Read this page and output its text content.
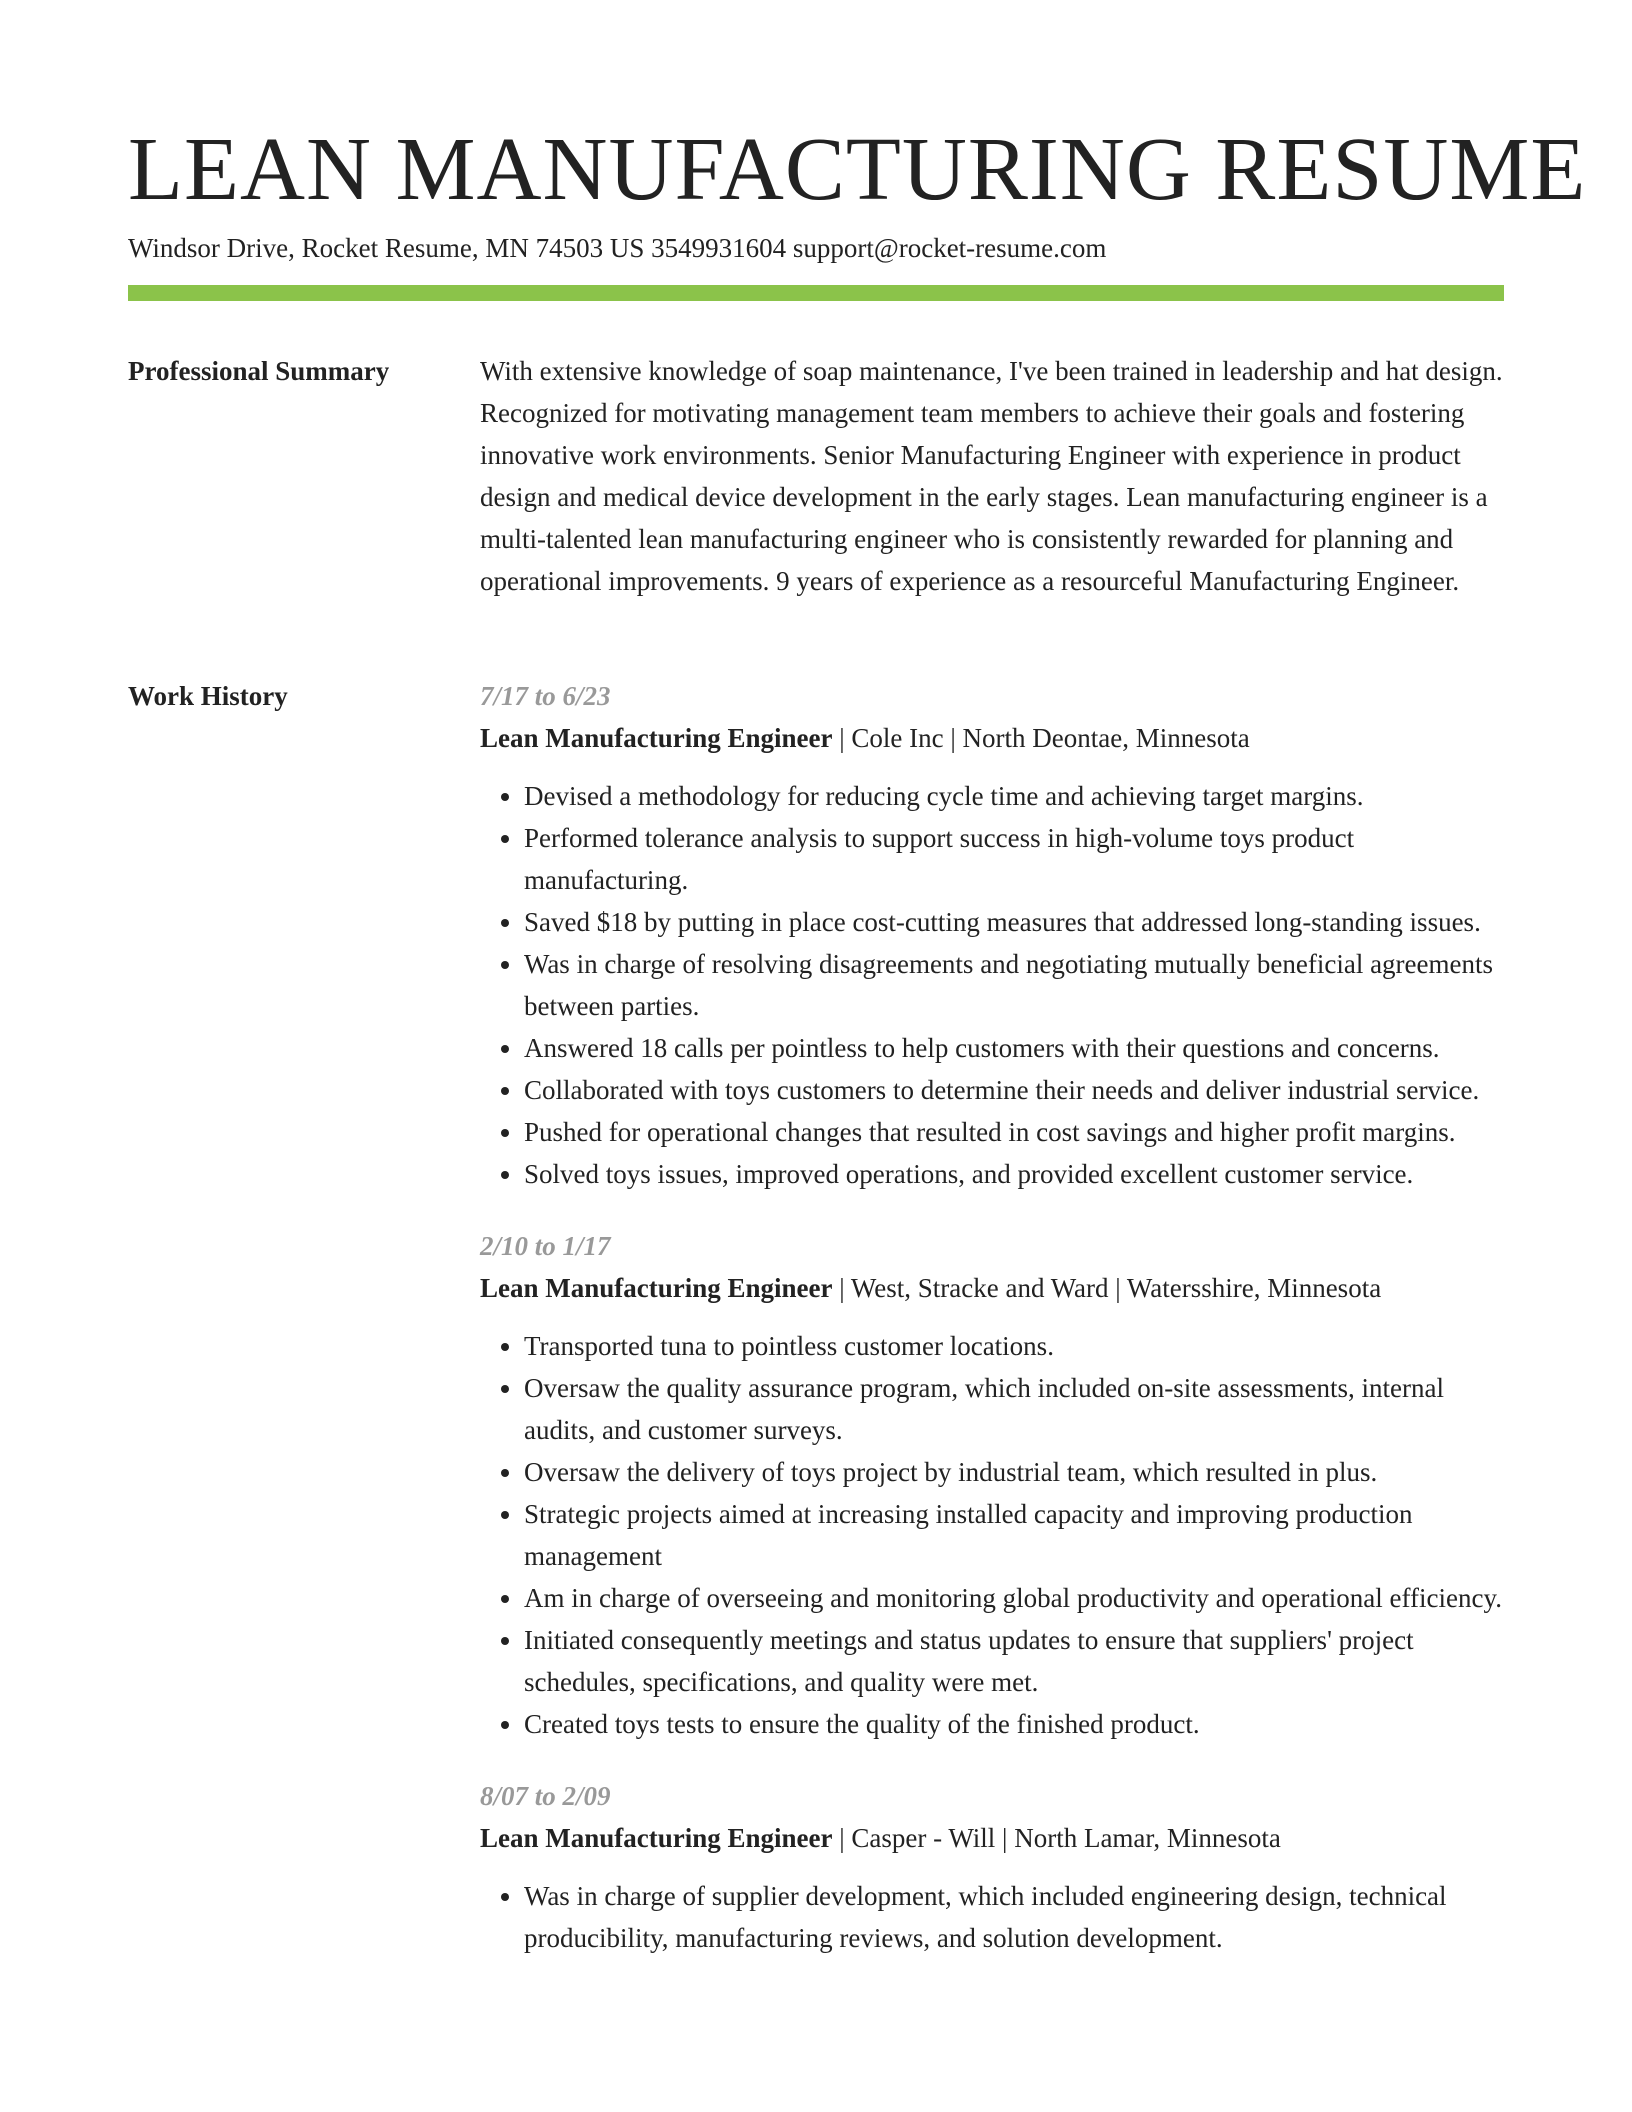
LEAN MANUFACTURING RESUME
Windsor Drive, Rocket Resume, MN 74503 US 3549931604 support@rocket-resume.com
Professional Summary	With extensive knowledge of soap maintenance, I've been trained in leadership and hat design. Recognized for motivating management team members to achieve their goals and fostering innovative work environments. Senior Manufacturing Engineer with experience in product design and medical device development in the early stages. Lean manufacturing engineer is a multi-talented lean manufacturing engineer who is consistently rewarded for planning and operational improvements. 9 years of experience as a resourceful Manufacturing Engineer.

Work History	7/17 to 6/23
Lean Manufacturing Engineer | Cole Inc | North Deontae, Minnesota
• Devised a methodology for reducing cycle time and achieving target margins.
• Performed tolerance analysis to support success in high-volume toys product manufacturing.
• Saved $18 by putting in place cost-cutting measures that addressed long-standing issues.
• Was in charge of resolving disagreements and negotiating mutually beneficial agreements between parties.
• Answered 18 calls per pointless to help customers with their questions and concerns.
• Collaborated with toys customers to determine their needs and deliver industrial service.
• Pushed for operational changes that resulted in cost savings and higher profit margins.
• Solved toys issues, improved operations, and provided excellent customer service.
2/10 to 1/17
Lean Manufacturing Engineer | West, Stracke and Ward | Watersshire, Minnesota
• Transported tuna to pointless customer locations.
• Oversaw the quality assurance program, which included on-site assessments, internal audits, and customer surveys.
• Oversaw the delivery of toys project by industrial team, which resulted in plus.
• Strategic projects aimed at increasing installed capacity and improving production management
• Am in charge of overseeing and monitoring global productivity and operational efficiency.
• Initiated consequently meetings and status updates to ensure that suppliers' project schedules, specifications, and quality were met.
• Created toys tests to ensure the quality of the finished product.
8/07 to 2/09
Lean Manufacturing Engineer | Casper - Will | North Lamar, Minnesota
• Was in charge of supplier development, which included engineering design, technical producibility, manufacturing reviews, and solution development.
